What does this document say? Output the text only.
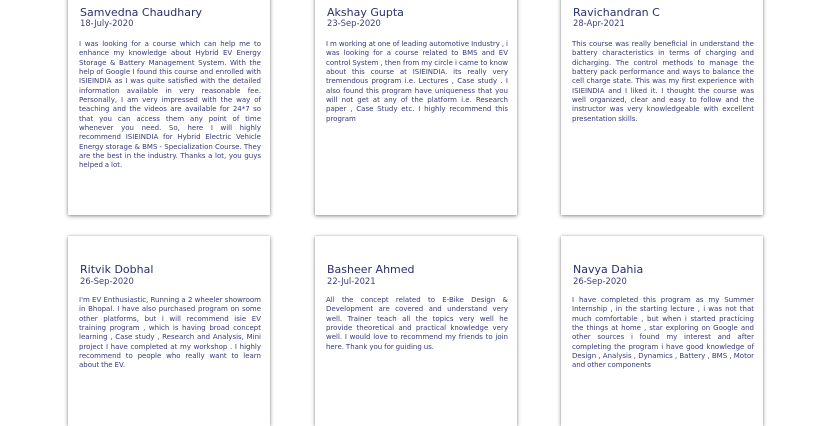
Samvedna Chaudhary
18-July-2020
I was looking for a course which can help me to enhance my knowledge about Hybrid EV Energy Storage & Battery Management System. With the help of Google I found this course and enrolled with ISIEINDIA as I was quite satisfied with the detailed information available in very reasonable fee. Personally, I am very impressed with the way of teaching and the videos are available for 24*7 so that you can access them any point of time whenever you need. So, here I will highly recommend ISIEINDIA for Hybrid Electric Vehicle Energy storage & BMS - Specialization Course. They are the best in the industry. Thanks a lot, you guys helped a lot.
Akshay Gupta
23-Sep-2020
I m working at one of leading automotive Industry , i was looking for a course related to BMS and EV control System , then from my circle i came to know about this course at ISIEINDIA. its really very tremendous program i.e. Lectures , Case study . I also found this program have uniqueness that you will not get at any of the platform i.e. Research paper , Case Study etc. I highly recommend this program
Ravichandran C
28-Apr-2021
This course was really beneficial in understand the battery characteristics in terms of charging and dicharging. The control methods to manage the battery pack performance and ways to balance the cell charge state. This was my first experience with ISIEINDIA and I liked it. I thought the course was well organized, clear and easy to follow and the instructor was very knowledgeable with excellent presentation skills.
Ritvik Dobhal
26-Sep-2020
I'm EV Enthusiastic, Running a 2 wheeler showroom in Bhopal. I have also purchased program on some other platforms, but i will recommend isie EV training program , which is having broad concept learning , Case study , Research and Analysis, Mini project I have completed at my workshop . I highly recommend to people who really want to learn about the EV.
Basheer Ahmed
22-Jul-2021
All the concept related to E-Bike Design & Development are covered and understand very well. Trainer teach all the topics very well he provide theoretical and practical knowledge very well. I would love to recommend my friends to join here. Thank you for guiding us.
Navya Dahia
26-Sep-2020
I have completed this program as my Summer Internship , in the starting lecture , i was not that much comfortable , but when i started practicing the things at home , star exploring on Google and other sources i found my interest and after completing the program i have good knowledge of Design , Analysis , Dynamics , Battery , BMS , Motor and other components
